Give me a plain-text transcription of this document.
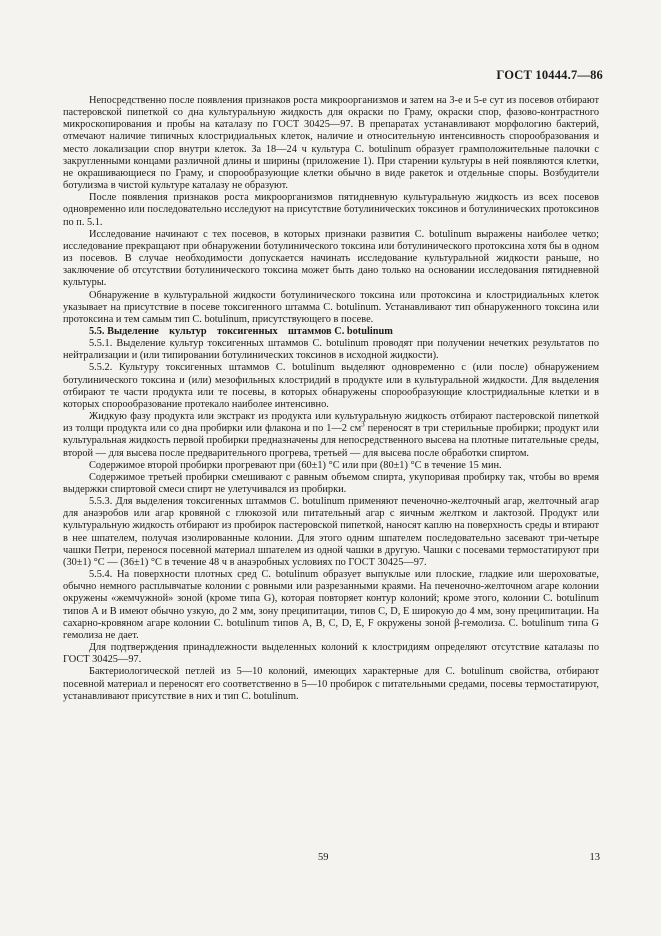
ГОСТ 10444.7—86

Непосредственно после появления признаков роста микроорганизмов и затем на 3-е и 5-е сут из посевов отбирают пастеровской пипеткой со дна культуральную жидкость для окраски по Граму, окраски спор, фазово-контрастного микроскопирования и пробы на каталазу по ГОСТ 30425—97. В препаратах устанавливают морфологию бактерий, отмечают наличие типичных клостридиальных клеток, наличие и относительную интенсивность спорообразования и место локализации спор внутри клеток. За 18—24 ч культура С. botulinum образует грамположительные палочки с закругленными концами различной длины и ширины (приложение 1). При старении культуры в ней появляются клетки, не окрашивающиеся по Граму, и спорообразующие клетки обычно в виде ракеток и отдельные споры. Возбудители ботулизма в чистой культуре каталазу не образуют.

После появления признаков роста микроорганизмов пятидневную культуральную жидкость из всех посевов одновременно или последовательно исследуют на присутствие ботулинических токсинов и ботулинических протоксинов по п. 5.1.

Исследование начинают с тех посевов, в которых признаки развития С. botulinum выражены наиболее четко; исследование прекращают при обнаружении ботулинического токсина или ботулинического протоксина хотя бы в одном из посевов. В случае необходимости допускается начинать исследование культуральной жидкости раньше, но заключение об отсутствии ботулинического токсина может быть дано только на основании исследования пятидневной культуры.

Обнаружение в культуральной жидкости ботулинического токсина или протоксина и клостридиальных клеток указывает на присутствие в посеве токсигенного штамма С. botulinum. Устанавливают тип обнаруженного токсина или протоксина и тем самым тип С. botulinum, присутствующего в посеве.

5.5. Выделение культур токсигенных штаммов С. botulinum

5.5.1. Выделение культур токсигенных штаммов С. botulinum проводят при получении нечетких результатов по нейтрализации и (или типировании ботулинических токсинов в исходной жидкости).

5.5.2. Культуру токсигенных штаммов С. botulinum выделяют одновременно с (или после) обнаружением ботулинического токсина и (или) мезофильных клостридий в продукте или в культуральной жидкости. Для выделения отбирают те части продукта или те посевы, в которых обнаружены спорообразующие клостридиальные клетки и в которых спорообразование протекало наиболее интенсивно.

Жидкую фазу продукта или экстракт из продукта или культуральную жидкость отбирают пастеровской пипеткой из толщи продукта или со дна пробирки или флакона и по 1—2 $см^3$ переносят в три стерильные пробирки; продукт или культуральная жидкость первой пробирки предназначены для непосредственного высева на плотные питательные среды, второй — для высева после предварительного прогрева, третьей — для высева после обработки спиртом.

Содержимое второй пробирки прогревают при (60±1) °С или при (80±1) °С в течение 15 мин.

Содержимое третьей пробирки смешивают с равным объемом спирта, укупоривая пробирку так, чтобы во время выдержки спиртовой смеси спирт не улетучивался из пробирки.

5.5.3. Для выделения токсигенных штаммов С. botulinum применяют печеночно-желточный агар, желточный агар для анаэробов или агар кровяной с глюкозой или питательный агар с яичным желтком и лактозой. Продукт или культуральную жидкость отбирают из пробирок пастеровской пипеткой, наносят каплю на поверхность среды и втирают в нее шпателем, получая изолированные колонии. Для этого одним шпателем последовательно засевают три-четыре чашки Петри, перенося посевной материал шпателем из одной чашки в другую. Чашки с посевами термостатируют при (30±1) °С — (36±1) °С в течение 48 ч в анаэробных условиях по ГОСТ 30425—97.

5.5.4. На поверхности плотных сред С. botulinum образует выпуклые или плоские, гладкие или шероховатые, обычно немного расплывчатые колонии с ровными или разрезанными краями. На печеночно-желточном агаре колонии окружены «жемчужной» зоной (кроме типа G), которая повторяет контур колоний; кроме этого, колонии С. botulinum типов А и В имеют обычно узкую, до 2 мм, зону преципитации, типов С, D, Е широкую до 4 мм, зону преципитации. На сахарно-кровяном агаре колонии С. botulinum типов А, В, С, D, Е, F окружены зоной β-гемолиза. С. botulinum типа G гемолиза не дает.

Для подтверждения принадлежности выделенных колоний к клостридиям определяют отсутствие каталазы по ГОСТ 30425—97.

Бактериологической петлей из 5—10 колоний, имеющих характерные для С. botulinum свойства, отбирают посевной материал и переносят его соответственно в 5—10 пробирок с питательными средами, посевы термостатируют, устанавливают присутствие в них и тип С. botulinum.

59	13
